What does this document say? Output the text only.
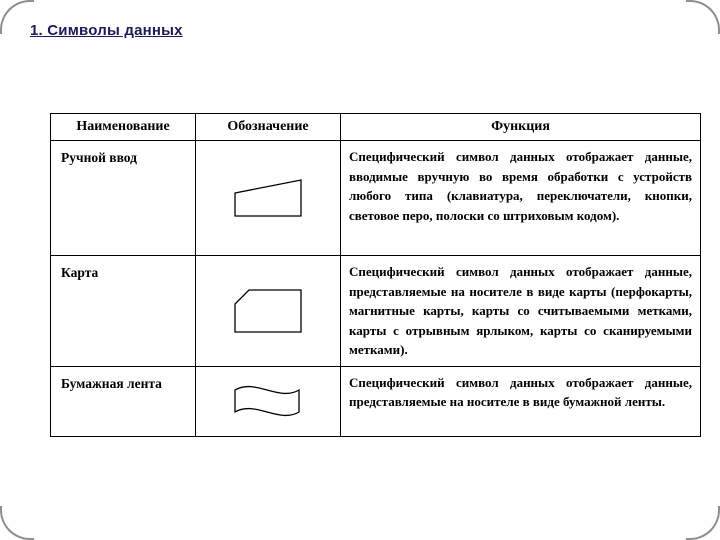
1. Символы данных
Наименование	Обозначение	Функция
Ручной ввод		Специфический символ данных отображает данные, вводимые вручную во время обработки с устройств любого типа (клавиатура, переключатели, кнопки, световое перо, полоски со штриховым кодом).
Карта		Специфический символ данных отображает данные, представляемые на носителе в виде карты (перфокарты, магнитные карты, карты со считываемыми метками, карты с отрывным ярлыком, карты со сканируемыми метками).
Бумажная лента		Специфический символ данных отображает данные, представляемые на носителе в виде бумажной ленты.
